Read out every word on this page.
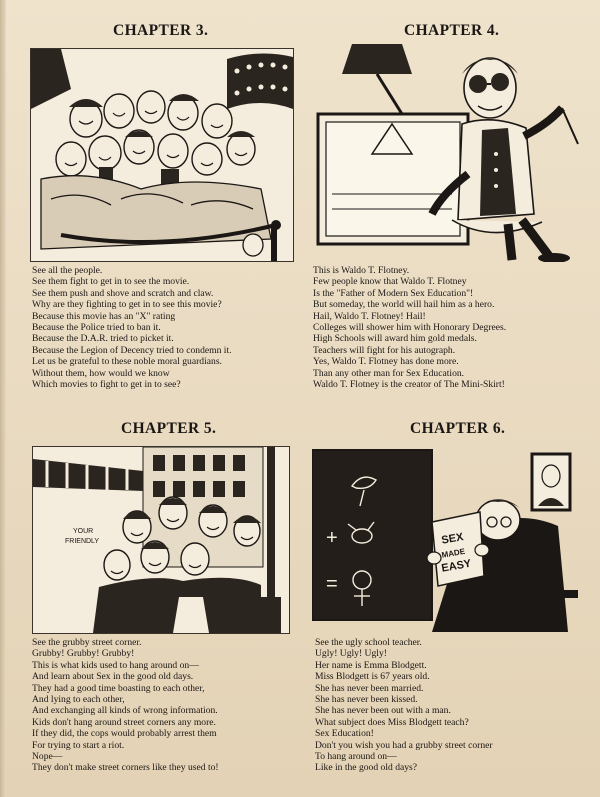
CHAPTER 3.
See all the people.
See them fight to get in to see the movie.
See them push and shove and scratch and claw.
Why are they fighting to get in to see this movie?
Because this movie has an "X" rating
Because the Police tried to ban it.
Because the D.A.R. tried to picket it.
Because the Legion of Decency tried to condemn it.
Let us be grateful to these noble moral guardians.
Without them, how would we know
Which movies to fight to get in to see?
CHAPTER 4.
This is Waldo T. Flotney.
Few people know that Waldo T. Flotney
Is the "Father of Modern Sex Education"!
But someday, the world will hail him as a hero.
Hail, Waldo T. Flotney! Hail!
Colleges will shower him with Honorary Degrees.
High Schools will award him gold medals.
Teachers will fight for his autograph.
Yes, Waldo T. Flotney has done more.
Than any other man for Sex Education.
Waldo T. Flotney is the creator of The Mini-Skirt!
CHAPTER 5.
YOUR
FRIENDLY
See the grubby street corner.
Grubby! Grubby! Grubby!
This is what kids used to hang around on—
And learn about Sex in the good old days.
They had a good time boasting to each other,
And lying to each other,
And exchanging all kinds of wrong information.
Kids don't hang around street corners any more.
If they did, the cops would probably arrest them
For trying to start a riot.
Nope—
They don't make street corners like they used to!
CHAPTER 6.
+
=
SEX
MADE
EASY
See the ugly school teacher.
Ugly! Ugly! Ugly!
Her name is Emma Blodgett.
Miss Blodgett is 67 years old.
She has never been married.
She has never been kissed.
She has never been out with a man.
What subject does Miss Blodgett teach?
Sex Education!
Don't you wish you had a grubby street corner
To hang around on—
Like in the good old days?
